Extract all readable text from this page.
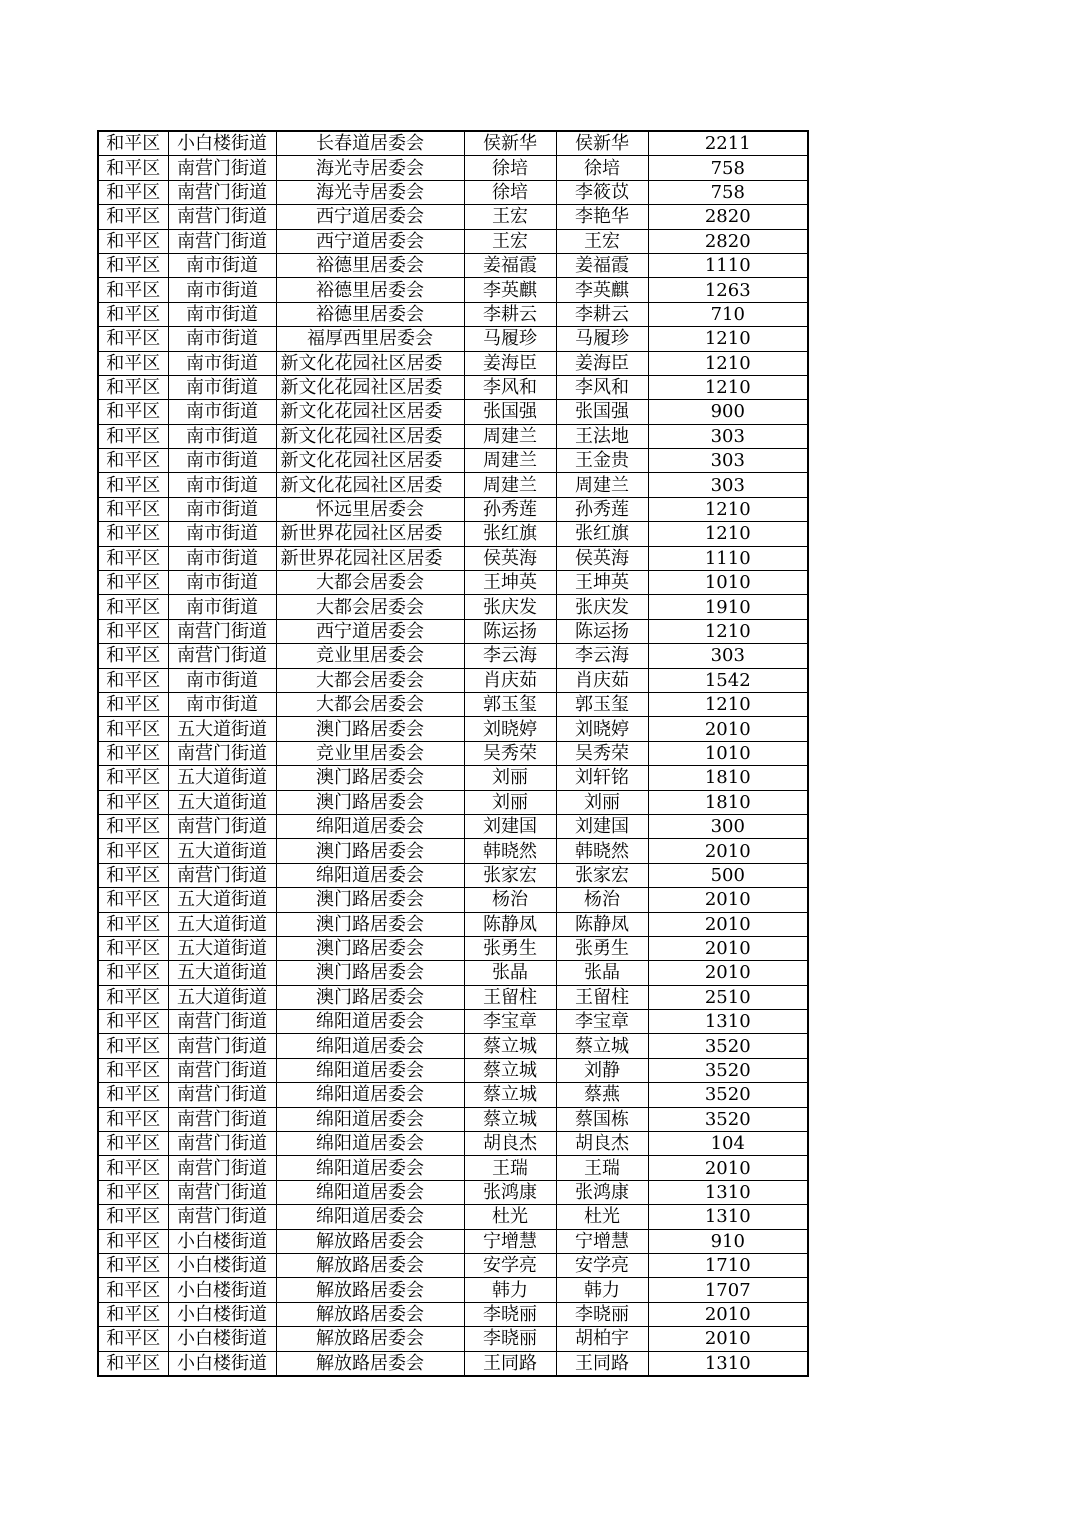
和平区	小白楼街道	长春道居委会	侯新华	侯新华	2211
和平区	南营门街道	海光寺居委会	徐培	徐培	758
和平区	南营门街道	海光寺居委会	徐培	李筱苡	758
和平区	南营门街道	西宁道居委会	王宏	李艳华	2820
和平区	南营门街道	西宁道居委会	王宏	王宏	2820
和平区	南市街道	裕德里居委会	姜福霞	姜福霞	1110
和平区	南市街道	裕德里居委会	李英麒	李英麒	1263
和平区	南市街道	裕德里居委会	李耕云	李耕云	710
和平区	南市街道	福厚西里居委会	马履珍	马履珍	1210
和平区	南市街道	新文化花园社区居委	姜海臣	姜海臣	1210
和平区	南市街道	新文化花园社区居委	李风和	李风和	1210
和平区	南市街道	新文化花园社区居委	张国强	张国强	900
和平区	南市街道	新文化花园社区居委	周建兰	王法地	303
和平区	南市街道	新文化花园社区居委	周建兰	王金贵	303
和平区	南市街道	新文化花园社区居委	周建兰	周建兰	303
和平区	南市街道	怀远里居委会	孙秀莲	孙秀莲	1210
和平区	南市街道	新世界花园社区居委	张红旗	张红旗	1210
和平区	南市街道	新世界花园社区居委	侯英海	侯英海	1110
和平区	南市街道	大都会居委会	王坤英	王坤英	1010
和平区	南市街道	大都会居委会	张庆发	张庆发	1910
和平区	南营门街道	西宁道居委会	陈运扬	陈运扬	1210
和平区	南营门街道	竞业里居委会	李云海	李云海	303
和平区	南市街道	大都会居委会	肖庆茹	肖庆茹	1542
和平区	南市街道	大都会居委会	郭玉玺	郭玉玺	1210
和平区	五大道街道	澳门路居委会	刘晓婷	刘晓婷	2010
和平区	南营门街道	竞业里居委会	吴秀荣	吴秀荣	1010
和平区	五大道街道	澳门路居委会	刘丽	刘轩铭	1810
和平区	五大道街道	澳门路居委会	刘丽	刘丽	1810
和平区	南营门街道	绵阳道居委会	刘建国	刘建国	300
和平区	五大道街道	澳门路居委会	韩晓然	韩晓然	2010
和平区	南营门街道	绵阳道居委会	张家宏	张家宏	500
和平区	五大道街道	澳门路居委会	杨治	杨治	2010
和平区	五大道街道	澳门路居委会	陈静凤	陈静凤	2010
和平区	五大道街道	澳门路居委会	张勇生	张勇生	2010
和平区	五大道街道	澳门路居委会	张晶	张晶	2010
和平区	五大道街道	澳门路居委会	王留柱	王留柱	2510
和平区	南营门街道	绵阳道居委会	李宝章	李宝章	1310
和平区	南营门街道	绵阳道居委会	蔡立城	蔡立城	3520
和平区	南营门街道	绵阳道居委会	蔡立城	刘静	3520
和平区	南营门街道	绵阳道居委会	蔡立城	蔡燕	3520
和平区	南营门街道	绵阳道居委会	蔡立城	蔡国栋	3520
和平区	南营门街道	绵阳道居委会	胡良杰	胡良杰	104
和平区	南营门街道	绵阳道居委会	王瑞	王瑞	2010
和平区	南营门街道	绵阳道居委会	张鸿康	张鸿康	1310
和平区	南营门街道	绵阳道居委会	杜光	杜光	1310
和平区	小白楼街道	解放路居委会	宁增慧	宁增慧	910
和平区	小白楼街道	解放路居委会	安学亮	安学亮	1710
和平区	小白楼街道	解放路居委会	韩力	韩力	1707
和平区	小白楼街道	解放路居委会	李晓丽	李晓丽	2010
和平区	小白楼街道	解放路居委会	李晓丽	胡柏宇	2010
和平区	小白楼街道	解放路居委会	王同路	王同路	1310
